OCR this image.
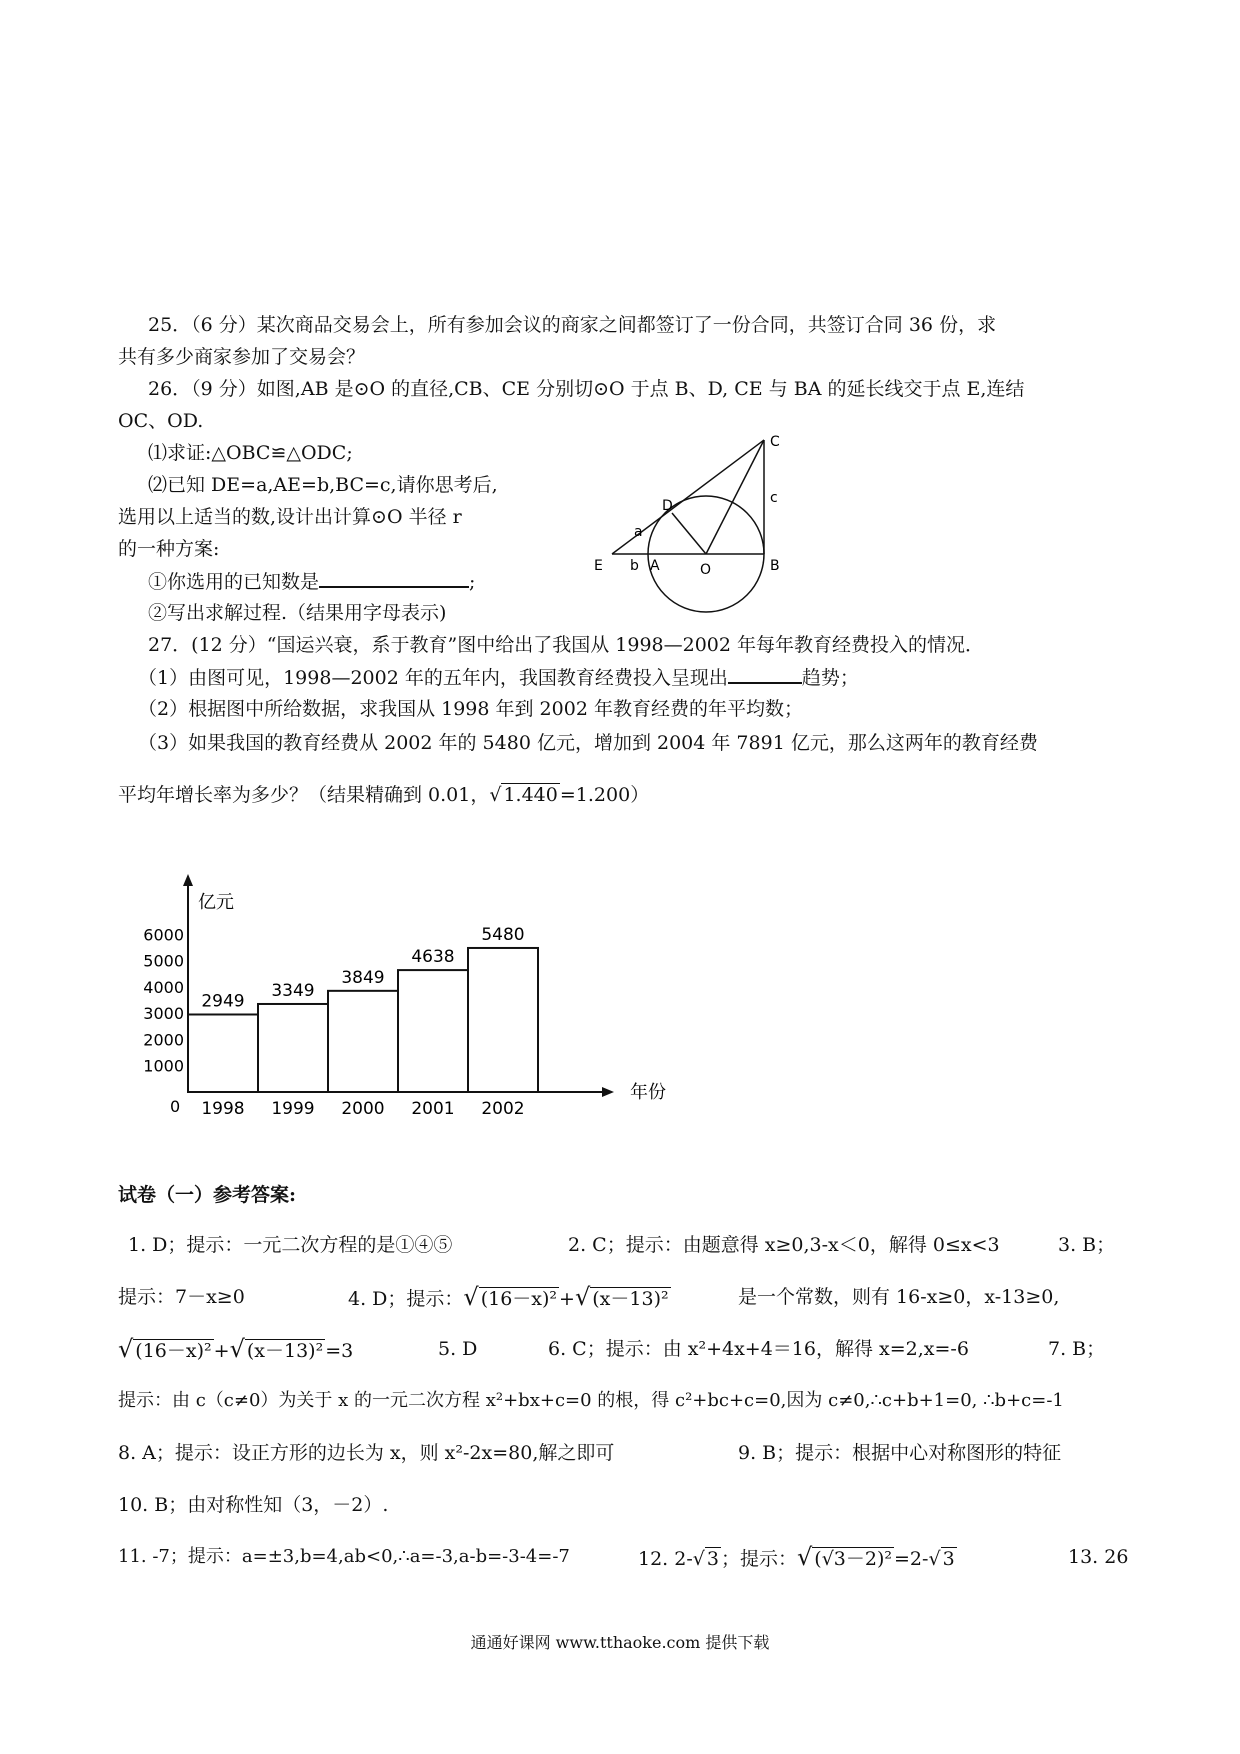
25．（6 分）某次商品交易会上，所有参加会议的商家之间都签订了一份合同，共签订合同 36 份，求
共有多少商家参加了交易会？
26．（9 分）如图,AB 是⊙O 的直径,CB、CE 分别切⊙O 于点 B、D, CE 与 BA 的延长线交于点 E,连结
OC、OD.
⑴求证:△OBC≌△ODC;
⑵已知 DE=a,AE=b,BC=c,请你思考后,
选用以上适当的数,设计出计算⊙O 半径 r
的一种方案:
①你选用的已知数是	;
②写出求解过程.（结果用字母表示)
C
D
a
c
E b A	O	B
27．(12 分）“国运兴衰，系于教育”图中给出了我国从 1998—2002 年每年教育经费投入的情况．
（1）由图可见，1998—2002 年的五年内，我国教育经费投入呈现出	趋势；
（2）根据图中所给数据，求我国从 1998 年到 2002 年教育经费的年平均数；
（3）如果我国的教育经费从 2002 年的 5480 亿元，增加到 2004 年 7891 亿元，那么这两年的教育经费
平均年增长率为多少？（结果精确到 0.01，√ 1.440 =1.200）
亿元
年份
0
6000
5000
4000
3000
2000
1000
2949
1998
3349
1999
3849
2000
4638
2001
5480
2002
试卷（一）参考答案:
1. D；提示：一元二次方程的是①④⑤	2. C；提示：由题意得 x≥0,3-x＜0，解得 0≤x<3	3. B；
提示：7－x≥0	4. D；提示：√ (16－x)² +√ (x－13)²	是一个常数，则有 16-x≥0，x-13≥0,
√ (16－x)² +√ (x－13)² =3	5. D	6. C；提示：由 x²+4x+4＝16，解得 x=2,x=-6	7. B；
提示：由 c（c≠0）为关于 x 的一元二次方程 x²+bx+c=0 的根，得 c²+bc+c=0,因为 c≠0,∴c+b+1=0, ∴b+c=-1
8. A；提示：设正方形的边长为 x，则 x²-2x=80,解之即可	9. B；提示：根据中心对称图形的特征
10. B；由对称性知（3，－2）.
11. -7；提示：a=±3,b=4,ab<0,∴a=-3,a-b=-3-4=-7	12. 2-√ 3 ；提示：√ (√3－2)² =2-√ 3	13. 26
通通好课网 www.tthaoke.com 提供下载
